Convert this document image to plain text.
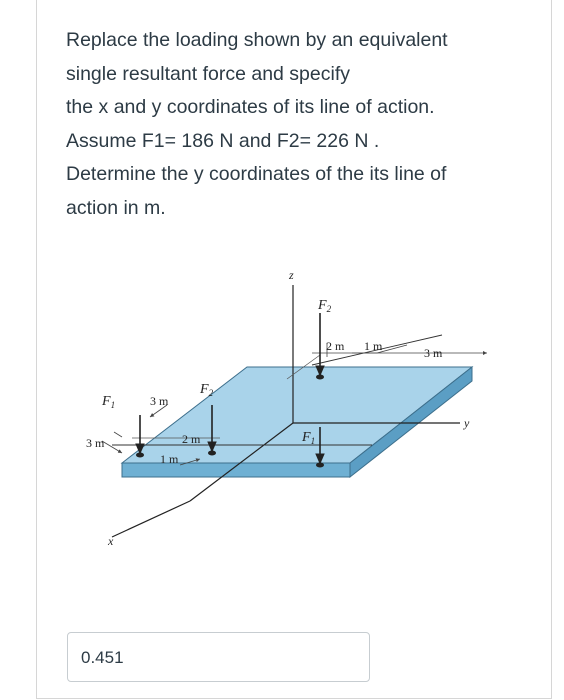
Replace the loading shown by an equivalent
single resultant force and specify
the x and y coordinates of its line of action.
Assume F1= 186 N and F2= 226 N .
Determine the y coordinates of the its line of
action in m.
z
y
x
$F_2$
$F_1$
$F_2$
$F_1$
2 m 1 m	3 m
3 m
3 m	2 m
1 m
0.451
